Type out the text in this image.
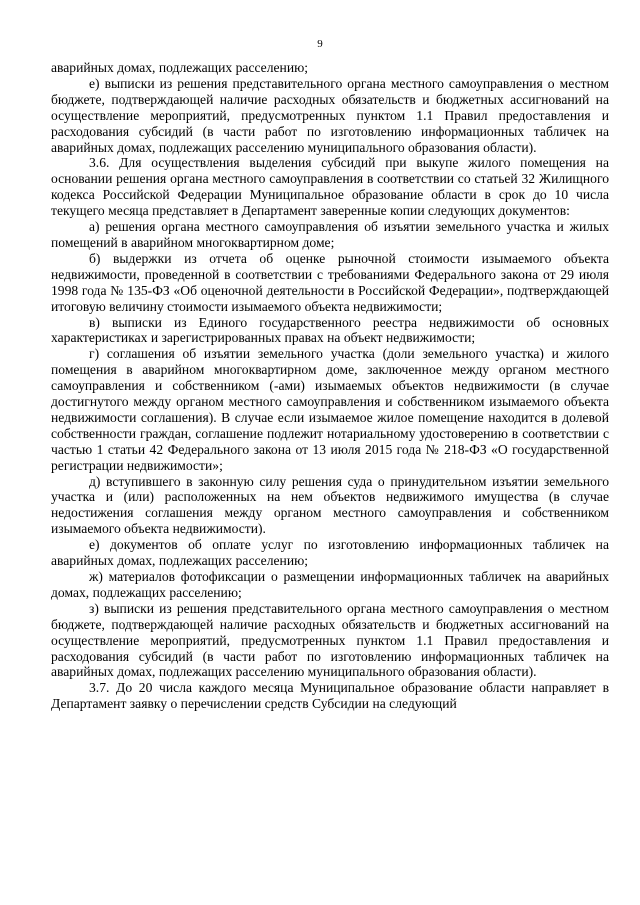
9

аварийных домах, подлежащих расселению;

е) выписки из решения представительного органа местного самоуправления о местном бюджете, подтверждающей наличие расходных обязательств и бюджетных ассигнований на осуществление мероприятий, предусмотренных пунктом 1.1 Правил предоставления и расходования субсидий (в части работ по изготовлению информационных табличек на аварийных домах, подлежащих расселению муниципального образования области).

3.6. Для осуществления выделения субсидий при выкупе жилого помещения на основании решения органа местного самоуправления в соответствии со статьей 32 Жилищного кодекса Российской Федерации Муниципальное образование области в срок до 10 числа текущего месяца представляет в Департамент заверенные копии следующих документов:

а) решения органа местного самоуправления об изъятии земельного участка и жилых помещений в аварийном многоквартирном доме;

б) выдержки из отчета об оценке рыночной стоимости изымаемого объекта недвижимости, проведенной в соответствии с требованиями Федерального закона от 29 июля 1998 года № 135-ФЗ «Об оценочной деятельности в Российской Федерации», подтверждающей итоговую величину стоимости изымаемого объекта недвижимости;

в) выписки из Единого государственного реестра недвижимости об основных характеристиках и зарегистрированных правах на объект недвижимости;

г) соглашения об изъятии земельного участка (доли земельного участка) и жилого помещения в аварийном многоквартирном доме, заключенное между органом местного самоуправления и собственником (-ами) изымаемых объектов недвижимости (в случае достигнутого между органом местного самоуправления и собственником изымаемого объекта недвижимости соглашения). В случае если изымаемое жилое помещение находится в долевой собственности граждан, соглашение подлежит нотариальному удостоверению в соответствии с частью 1 статьи 42 Федерального закона от 13 июля 2015 года № 218-ФЗ «О государственной регистрации недвижимости»;

д) вступившего в законную силу решения суда о принудительном изъятии земельного участка и (или) расположенных на нем объектов недвижимого имущества (в случае недостижения соглашения между органом местного самоуправления и собственником изымаемого объекта недвижимости).

е) документов об оплате услуг по изготовлению информационных табличек на аварийных домах, подлежащих расселению;

ж) материалов фотофиксации о размещении информационных табличек на аварийных домах, подлежащих расселению;

з) выписки из решения представительного органа местного самоуправления о местном бюджете, подтверждающей наличие расходных обязательств и бюджетных ассигнований на осуществление мероприятий, предусмотренных пунктом 1.1 Правил предоставления и расходования субсидий (в части работ по изготовлению информационных табличек на аварийных домах, подлежащих расселению муниципального образования области).

3.7. До 20 числа каждого месяца Муниципальное образование области направляет в Департамент заявку о перечислении средств Субсидии на следующий
